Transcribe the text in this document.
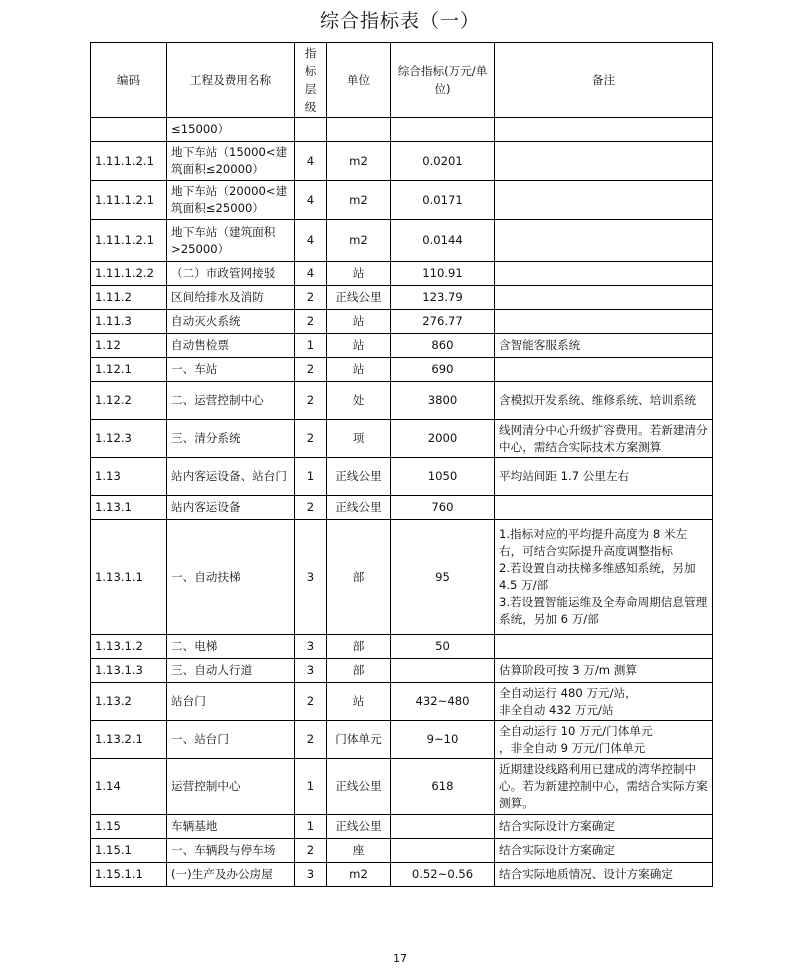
综合指标表（一）
编码	工程及费用名称	指标层级	单位	综合指标(万元/单位)	备注
	≤15000）				
1.11.1.2.1	地下车站（15000<建筑面积≤20000）	4	m2	0.0201	
1.11.1.2.1	地下车站（20000<建筑面积≤25000）	4	m2	0.0171	
1.11.1.2.1	地下车站（建筑面积>25000）	4	m2	0.0144	
1.11.1.2.2	（二）市政管网接驳	4	站	110.91	
1.11.2	区间给排水及消防	2	正线公里	123.79	
1.11.3	自动灭火系统	2	站	276.77	
1.12	自动售检票	1	站	860	含智能客服系统
1.12.1	一、车站	2	站	690	
1.12.2	二、运营控制中心	2	处	3800	含模拟开发系统、维修系统、培训系统
1.12.3	三、清分系统	2	项	2000	线网清分中心升级扩容费用。若新建清分中心，需结合实际技术方案测算
1.13	站内客运设备、站台门	1	正线公里	1050	平均站间距 1.7 公里左右
1.13.1	站内客运设备	2	正线公里	760	
1.13.1.1	一、自动扶梯	3	部	95	1.指标对应的平均提升高度为 8 米左右，可结合实际提升高度调整指标
2.若设置自动扶梯多维感知系统，另加 4.5 万/部
3.若设置智能运维及全寿命周期信息管理系统，另加 6 万/部
1.13.1.2	二、电梯	3	部	50	
1.13.1.3	三、自动人行道	3	部		估算阶段可按 3 万/m 测算
1.13.2	站台门	2	站	432~480	全自动运行 480 万元/站，
非全自动 432 万元/站
1.13.2.1	一、站台门	2	门体单元	9~10	全自动运行 10 万元/门体单元
，非全自动 9 万元/门体单元
1.14	运营控制中心	1	正线公里	618	近期建设线路利用已建成的湾华控制中心。若为新建控制中心，需结合实际方案测算。
1.15	车辆基地	1	正线公里		结合实际设计方案确定
1.15.1	一、车辆段与停车场	2	座		结合实际设计方案确定
1.15.1.1	(一)生产及办公房屋	3	m2	0.52~0.56	结合实际地质情况、设计方案确定
17
